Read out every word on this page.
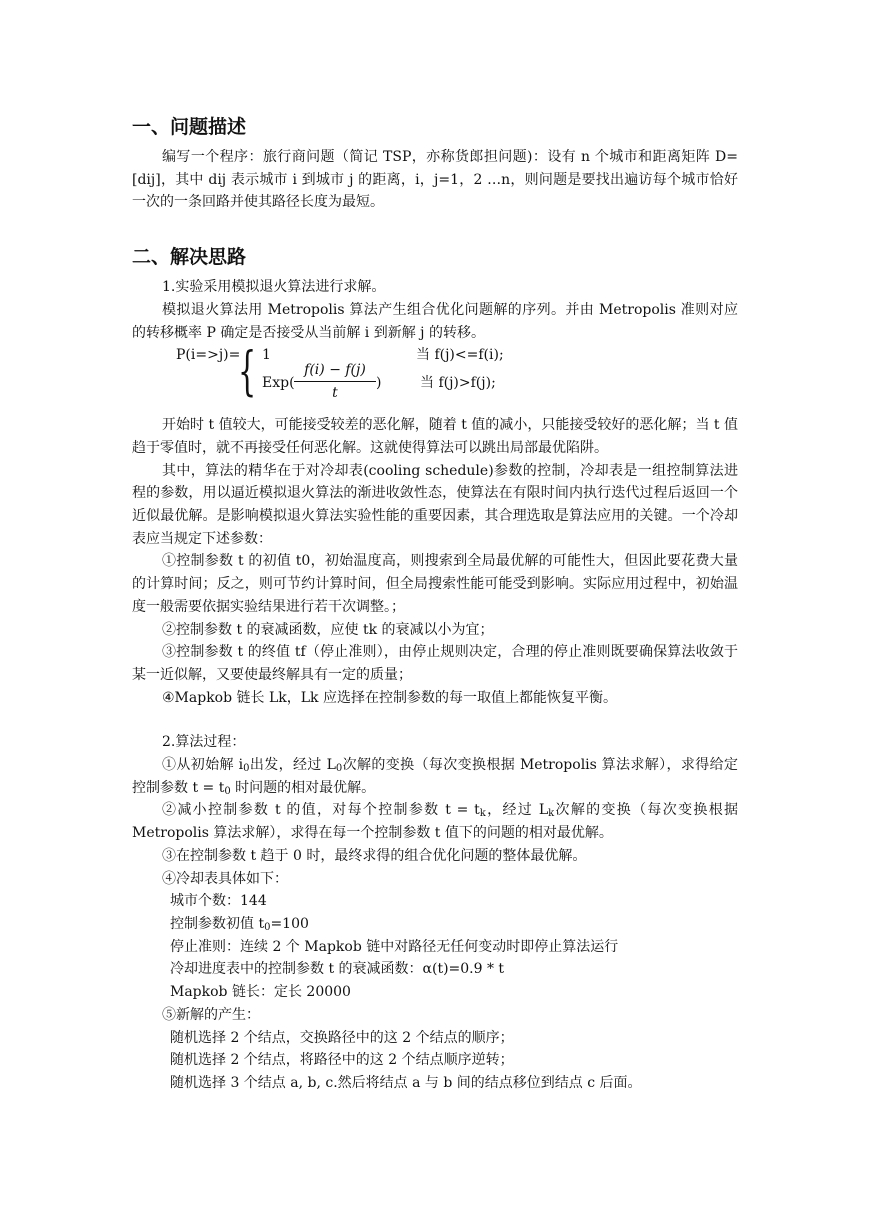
一、问题描述

编写一个程序：旅行商问题（简记 TSP，亦称货郎担问题)：设有 n 个城市和距离矩阵 D=[dij]，其中 dij 表示城市 i 到城市 j 的距离，i，j=1，2 …n，则问题是要找出遍访每个城市恰好一次的一条回路并使其路径长度为最短。

二、解决思路

1.实验采用模拟退火算法进行求解。

模拟退火算法用 Metropolis 算法产生组合优化问题解的序列。并由 Metropolis 准则对应的转移概率 P 确定是否接受从当前解 i 到新解 j 的转移。

P(i=>j)=
{ 1	当 f(j)<=f(i);
$Exp( \frac{f(i) - f(j)}{t}$ )	当 f(j)>f(j);

开始时 t 值较大，可能接受较差的恶化解，随着 t 值的减小，只能接受较好的恶化解；当 t 值趋于零值时，就不再接受任何恶化解。这就使得算法可以跳出局部最优陷阱。

其中，算法的精华在于对冷却表(cooling schedule)参数的控制，冷却表是一组控制算法进程的参数，用以逼近模拟退火算法的渐进收敛性态，使算法在有限时间内执行迭代过程后返回一个近似最优解。是影响模拟退火算法实验性能的重要因素，其合理选取是算法应用的关键。一个冷却表应当规定下述参数：

①控制参数 t 的初值 t0，初始温度高，则搜索到全局最优解的可能性大，但因此要花费大量的计算时间；反之，则可节约计算时间，但全局搜索性能可能受到影响。实际应用过程中，初始温度一般需要依据实验结果进行若干次调整。；

②控制参数 t 的衰减函数，应使 tk 的衰减以小为宜；

③控制参数 t 的终值 tf（停止准则），由停止规则决定，合理的停止准则既要确保算法收敛于某一近似解，又要使最终解具有一定的质量；

④Mapkob 链长 Lk，Lk 应选择在控制参数的每一取值上都能恢复平衡。

2.算法过程：

①从初始解 $i_0$出发，经过 $L_0$次解的变换（每次变换根据 Metropolis 算法求解），求得给定控制参数 $t = t_0$ 时问题的相对最优解。

②减小控制参数 t 的值，对每个控制参数 $t = t_k$，经过 $L_k$次解的变换（每次变换根据 Metropolis 算法求解），求得在每一个控制参数 t 值下的问题的相对最优解。

③在控制参数 t 趋于 0 时，最终求得的组合优化问题的整体最优解。

④冷却表具体如下：

城市个数：144

控制参数初值 $t_0=100$

停止准则：连续 2 个 Mapkob 链中对路径无任何变动时即停止算法运行

冷却进度表中的控制参数 t 的衰减函数：α(t)=0.9 * t

Mapkob 链长：定长 20000

⑤新解的产生：

随机选择 2 个结点，交换路径中的这 2 个结点的顺序；

随机选择 2 个结点，将路径中的这 2 个结点顺序逆转；

随机选择 3 个结点 a, b, c.然后将结点 a 与 b 间的结点移位到结点 c 后面。
